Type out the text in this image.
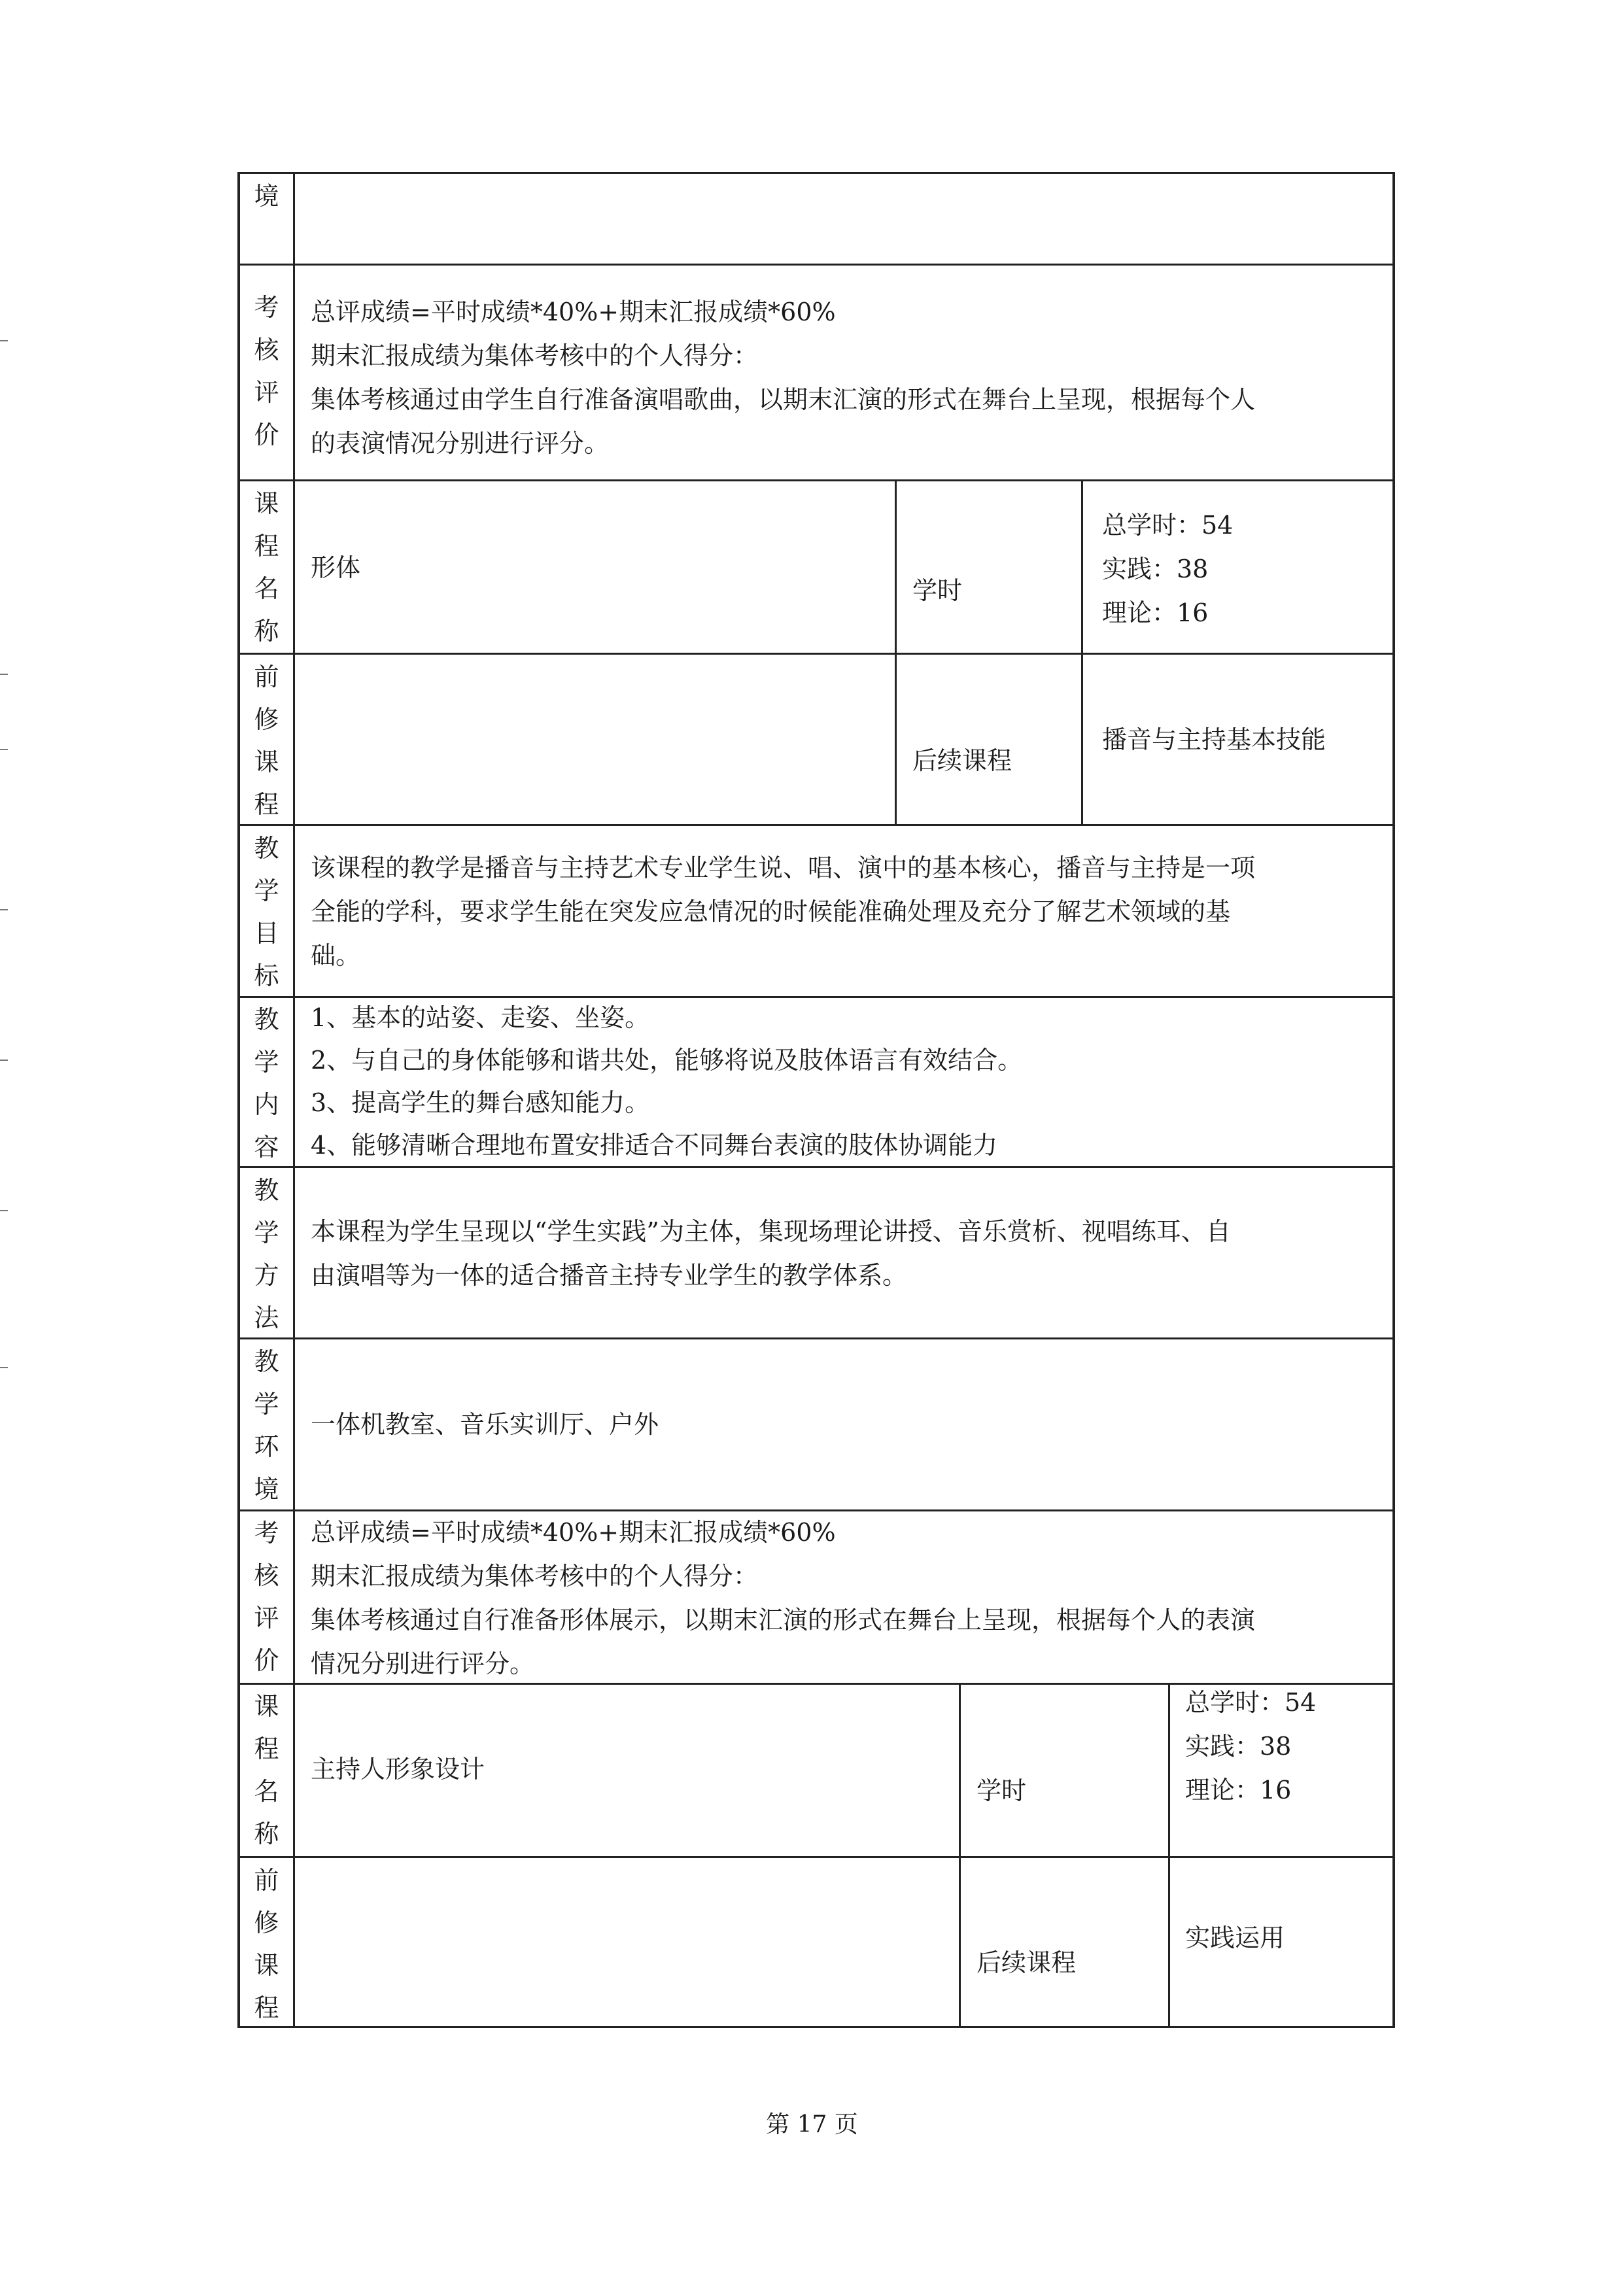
境
考
核
评
价
总评成绩=平时成绩*40%+期末汇报成绩*60%
期末汇报成绩为集体考核中的个人得分：
集体考核通过由学生自行准备演唱歌曲，以期末汇演的形式在舞台上呈现，根据每个人
的表演情况分别进行评分。
课
程
名
称
形体
学时
总学时：54
实践：38
理论：16
前
修
课
程
后续课程
播音与主持基本技能
教
学
目
标
该课程的教学是播音与主持艺术专业学生说、唱、演中的基本核心，播音与主持是一项
全能的学科，要求学生能在突发应急情况的时候能准确处理及充分了解艺术领域的基
础。
教
学
内
容
1、基本的站姿、走姿、坐姿。
2、与自己的身体能够和谐共处，能够将说及肢体语言有效结合。
3、提高学生的舞台感知能力。
4、能够清晰合理地布置安排适合不同舞台表演的肢体协调能力
教
学
方
法
本课程为学生呈现以“学生实践”为主体，集现场理论讲授、音乐赏析、视唱练耳、自
由演唱等为一体的适合播音主持专业学生的教学体系。
教
学
环
境
一体机教室、音乐实训厅、户外
考
核
评
价
总评成绩=平时成绩*40%+期末汇报成绩*60%
期末汇报成绩为集体考核中的个人得分：
集体考核通过自行准备形体展示，以期末汇演的形式在舞台上呈现，根据每个人的表演
情况分别进行评分。
课
程
名
称
主持人形象设计
学时
总学时：54
实践：38
理论：16
前
修
课
程
后续课程
实践运用
第 17 页
